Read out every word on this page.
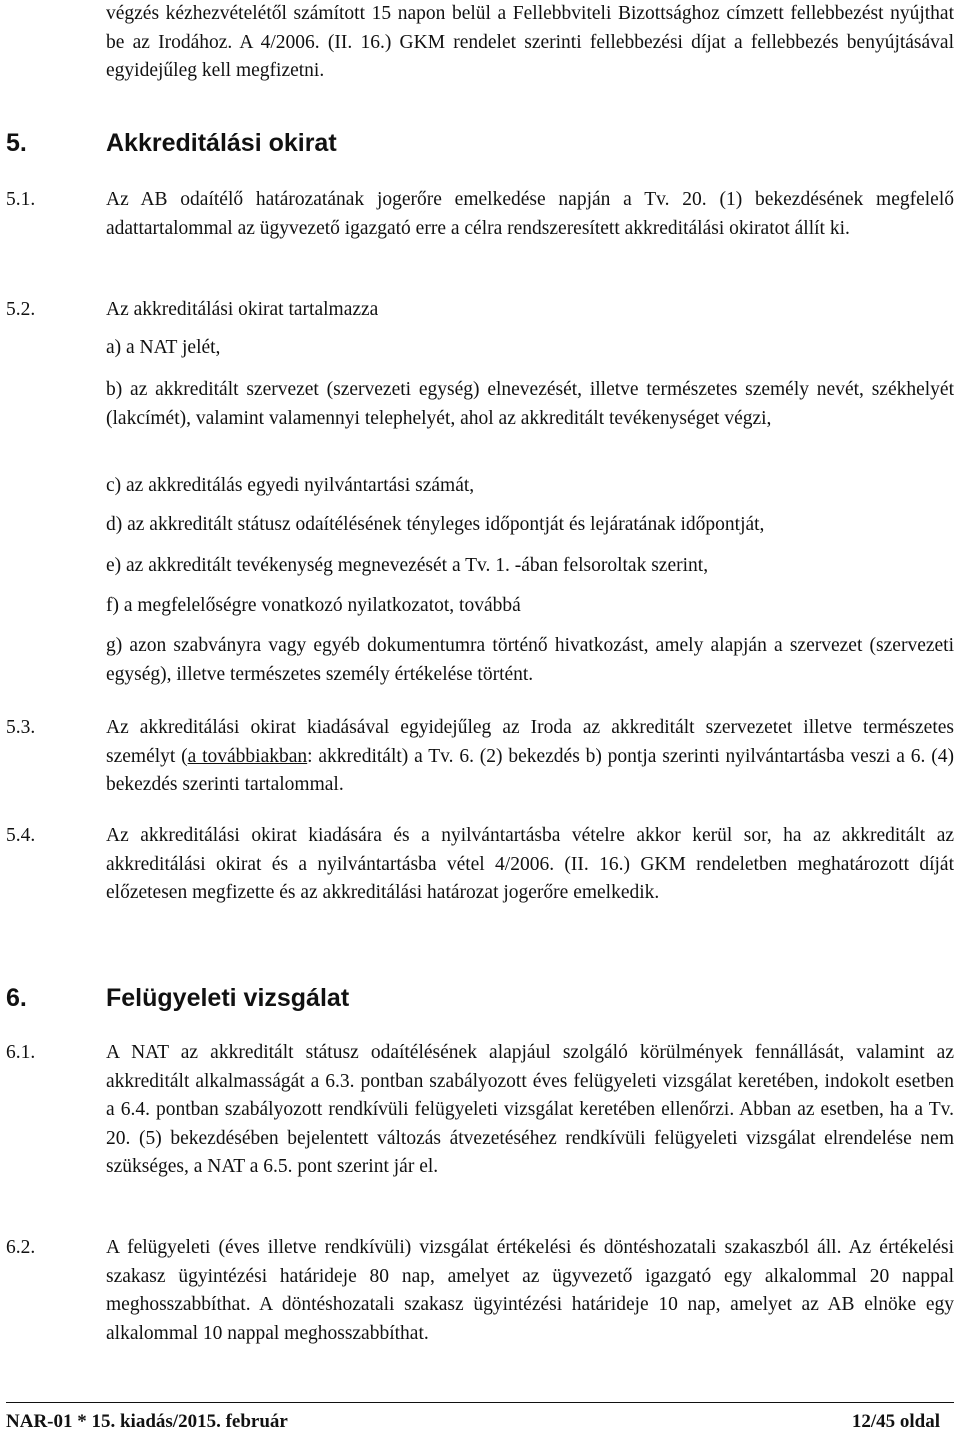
végzés kézhezvételétől számított 15 napon belül a Fellebbviteli Bizottsághoz címzett fellebbezést nyújthat be az Irodához. A 4/2006. (II. 16.) GKM rendelet szerinti fellebbezési díjat a fellebbezés benyújtásával egyidejűleg kell megfizetni.
5.	Akkreditálási okirat
5.1.	Az AB odaítélő határozatának jogerőre emelkedése napján a Tv. 20. (1) bekezdésének megfelelő adattartalommal az ügyvezető igazgató erre a célra rendszeresített akkreditálási okiratot állít ki.
5.2.	Az akkreditálási okirat tartalmazza
a) a NAT jelét,
b) az akkreditált szervezet (szervezeti egység) elnevezését, illetve természetes személy nevét, székhelyét (lakcímét), valamint valamennyi telephelyét, ahol az akkreditált tevékenységet végzi,
c) az akkreditálás egyedi nyilvántartási számát,
d) az akkreditált státusz odaítélésének tényleges időpontját és lejáratának időpontját,
e) az akkreditált tevékenység megnevezését a Tv. 1. -ában felsoroltak szerint,
f) a megfelelőségre vonatkozó nyilatkozatot, továbbá
g) azon szabványra vagy egyéb dokumentumra történő hivatkozást, amely alapján a szervezet (szervezeti egység), illetve természetes személy értékelése történt.
5.3.	Az akkreditálási okirat kiadásával egyidejűleg az Iroda az akkreditált szervezetet illetve természetes személyt (a továbbiakban: akkreditált) a Tv. 6. (2) bekezdés b) pontja szerinti nyilvántartásba veszi a 6. (4) bekezdés szerinti tartalommal.
5.4.	Az akkreditálási okirat kiadására és a nyilvántartásba vételre akkor kerül sor, ha az akkreditált az akkreditálási okirat és a nyilvántartásba vétel 4/2006. (II. 16.) GKM rendeletben meghatározott díját előzetesen megfizette és az akkreditálási határozat jogerőre emelkedik.
6.	Felügyeleti vizsgálat
6.1.	A NAT az akkreditált státusz odaítélésének alapjául szolgáló körülmények fennállását, valamint az akkreditált alkalmasságát a 6.3. pontban szabályozott éves felügyeleti vizsgálat keretében, indokolt esetben a 6.4. pontban szabályozott rendkívüli felügyeleti vizsgálat keretében ellenőrzi. Abban az esetben, ha a Tv. 20. (5) bekezdésében bejelentett változás átvezetéséhez rendkívüli felügyeleti vizsgálat elrendelése nem szükséges, a NAT a 6.5. pont szerint jár el.
6.2.	A felügyeleti (éves illetve rendkívüli) vizsgálat értékelési és döntéshozatali szakaszból áll. Az értékelési szakasz ügyintézési határideje 80 nap, amelyet az ügyvezető igazgató egy alkalommal 20 nappal meghosszabbíthat. A döntéshozatali szakasz ügyintézési határideje 10 nap, amelyet az AB elnöke egy alkalommal 10 nappal meghosszabbíthat.
NAR-01 * 15. kiadás/2015. február	12/45 oldal
